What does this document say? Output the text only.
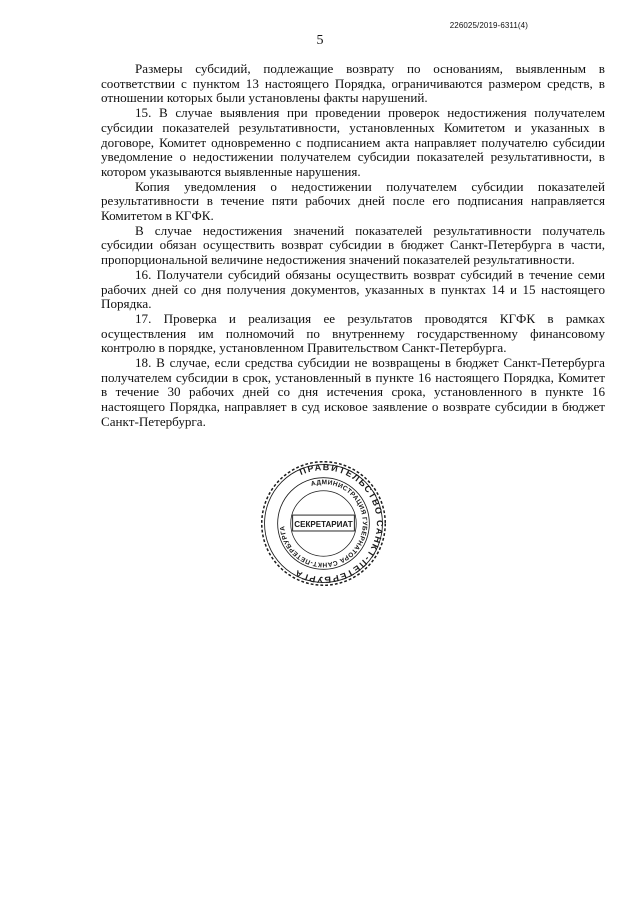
226025/2019-6311(4)
5

Размеры субсидий, подлежащие возврату по основаниям, выявленным в соответствии с пунктом 13 настоящего Порядка, ограничиваются размером средств, в отношении которых были установлены факты нарушений.

15. В случае выявления при проведении проверок недостижения получателем субсидии показателей результативности, установленных Комитетом и указанных в договоре, Комитет одновременно с подписанием акта направляет получателю субсидии уведомление о недостижении получателем субсидии показателей результативности, в котором указываются выявленные нарушения.

Копия уведомления о недостижении получателем субсидии показателей результативности в течение пяти рабочих дней после его подписания направляется Комитетом в КГФК.

В случае недостижения значений показателей результативности получатель субсидии обязан осуществить возврат субсидии в бюджет Санкт-Петербурга в части, пропорциональной величине недостижения значений показателей результативности.

16. Получатели субсидий обязаны осуществить возврат субсидий в течение семи рабочих дней со дня получения документов, указанных в пунктах 14 и 15 настоящего Порядка.

17. Проверка и реализация ее результатов проводятся КГФК в рамках осуществления им полномочий по внутреннему государственному финансовому контролю в порядке, установленном Правительством Санкт-Петербурга.

18. В случае, если средства субсидии не возвращены в бюджет Санкт-Петербурга получателем субсидии в срок, установленный в пункте 16 настоящего Порядка, Комитет в течение 30 рабочих дней со дня истечения срока, установленного в пункте 16 настоящего Порядка, направляет в суд исковое заявление о возврате субсидии в бюджет Санкт-Петербурга.

ПРАВИТЕЛЬСТВО САНКТ-ПЕТЕРБУРГА
АДМИНИСТРАЦИЯ ГУБЕРНАТОРА САНКТ-ПЕТЕРБУРГА СЕКРЕТАРИАТ
